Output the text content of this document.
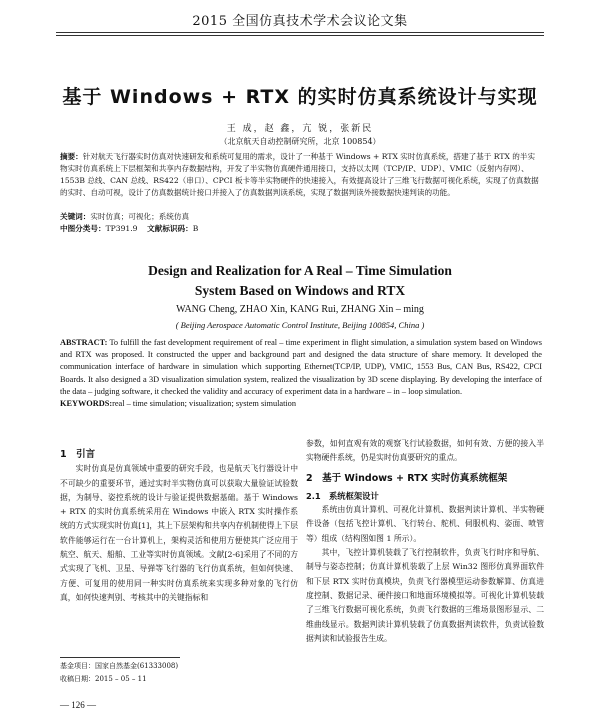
2015 全国仿真技术学术会议论文集
基于 Windows + RTX 的实时仿真系统设计与实现
王 成，赵 鑫，亢 锐，张新民
（北京航天自动控制研究所，北京 100854）
摘要：针对航天飞行器实时仿真对快速研发和系统可复用的需求，设计了一种基于 Windows + RTX 实时仿真系统，搭建了基于 RTX 的半实物实时仿真系统上下层框架和共享内存数据结构，开发了半实物仿真硬件通用接口，支持以太网（TCP/IP、UDP）、VMIC（反射内存网）、1553B 总线、CAN 总线、RS422（串口）、CPCI 板卡等半实物硬件的快速接入，有效提高设计了三维飞行数据可视化系统，实现了仿真数据的实时、自动可视，设计了仿真数据统计接口并接入了仿真数据判读系统，实现了数据判读外接数据快速判读的功能。
关键词：实时仿真；可视化；系统仿真
中图分类号：TP391.9 文献标识码：B
Design and Realization for A Real – Time Simulation
System Based on Windows and RTX
WANG Cheng, ZHAO Xin, KANG Rui, ZHANG Xin – ming
( Beijing Aerospace Automatic Control Institute, Beijing 100854, China )
ABSTRACT: To fulfill the fast development requirement of real – time experiment in flight simulation, a simulation system based on Windows and RTX was proposed. It constructed the upper and background part and designed the data structure of share memory. It developed the communication interface of hardware in simulation which supporting Ethernet(TCP/IP, UDP), VMIC, 1553 Bus, CAN Bus, RS422, CPCI Boards. It also designed a 3D visualization simulation system, realized the visualization by 3D scene displaying. By developing the interface of the data – judging software, it checked the validity and accuracy of experiment data in a hardware – in – loop simulation.
KEYWORDS:real – time simulation; visualization; system simulation
1　引言

实时仿真是仿真领域中重要的研究手段，也是航天飞行器设计中不可缺少的重要环节，通过实时半实物仿真可以获取大量验证试验数据，为制导、姿控系统的设计与验证提供数据基础。基于 Windows + RTX 的实时仿真系统采用在 Windows 中嵌入 RTX 实时操作系统的方式实现实时仿真[1]，其上下层架构和共享内存机制使得上下层软件能够运行在一台计算机上，架构灵活和使用方便使其广泛应用于航空、航天、船舶、工业等实时仿真领域。文献[2-6]采用了不同的方式实现了飞机、卫星、导弹等飞行器的飞行仿真系统，但如何快速、方便、可复用的使用同一种实时仿真系统来实现多种对象的飞行仿真，如何快速判别、考核其中的关键指标和

参数，如何直观有效的观察飞行试验数据，如何有效、方便的接入半实物硬件系统，仍是实时仿真要研究的重点。

2　基于 Windows + RTX 实时仿真系统框架
2.1　系统框架设计

系统由仿真计算机、可视化计算机、数据判读计算机、半实物硬件设备（包括飞控计算机、飞行转台、舵机、伺服机构、姿面、喷管等）组成（结构图如图 1 所示）。

其中，飞控计算机装载了飞行控制软件，负责飞行时序和导航、制导与姿态控制；仿真计算机装载了上层 Win32 图形仿真界面软件和下层 RTX 实时仿真模块，负责飞行器模型运动参数解算、仿真进度控制、数据记录、硬件接口和地面环境模拟等。可视化计算机装载了三维飞行数据可视化系统，负责飞行数据的三维场景图形显示、二维曲线显示。数据判读计算机装载了仿真数据判读软件，负责试验数据判读和试验报告生成。

基金项目：国家自然基金(61333008)
收稿日期：2015 – 05 – 11
— 126 —
